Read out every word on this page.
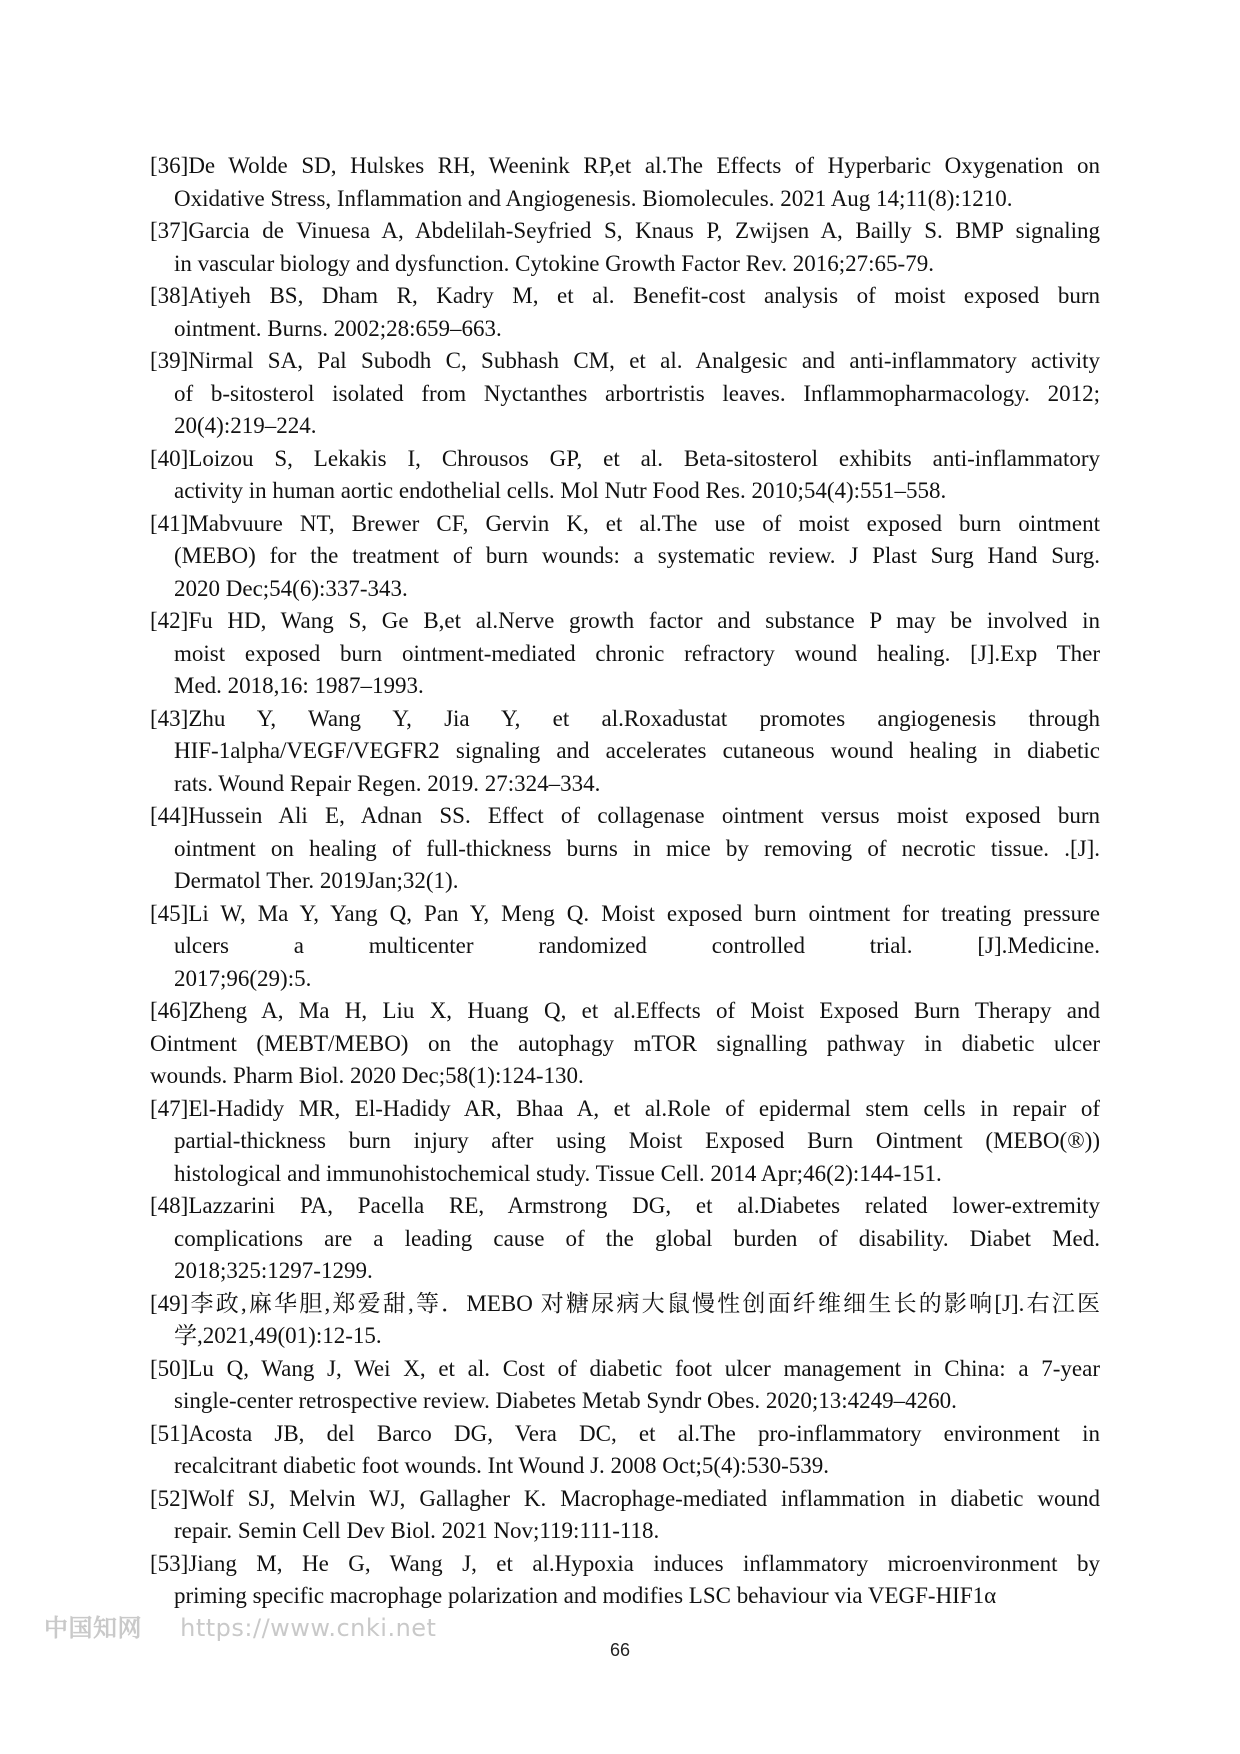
[36]De Wolde SD, Hulskes RH, Weenink RP,et al.The Effects of Hyperbaric Oxygenation on
Oxidative Stress, Inflammation and Angiogenesis. Biomolecules. 2021 Aug 14;11(8):1210.
[37]Garcia de Vinuesa A, Abdelilah-Seyfried S, Knaus P, Zwijsen A, Bailly S. BMP signaling
in vascular biology and dysfunction. Cytokine Growth Factor Rev. 2016;27:65-79.
[38]Atiyeh BS, Dham R, Kadry M, et al. Benefit-cost analysis of moist exposed burn
ointment. Burns. 2002;28:659–663.
[39]Nirmal SA, Pal Subodh C, Subhash CM, et al. Analgesic and anti-inflammatory activity
of b-sitosterol isolated from Nyctanthes arbortristis leaves. Inflammopharmacology. 2012;
20(4):219–224.
[40]Loizou S, Lekakis I, Chrousos GP, et al. Beta-sitosterol exhibits anti-inflammatory
activity in human aortic endothelial cells. Mol Nutr Food Res. 2010;54(4):551–558.
[41]Mabvuure NT, Brewer CF, Gervin K, et al.The use of moist exposed burn ointment
(MEBO) for the treatment of burn wounds: a systematic review. J Plast Surg Hand Surg.
2020 Dec;54(6):337-343.
[42]Fu HD, Wang S, Ge B,et al.Nerve growth factor and substance P may be involved in
moist exposed burn ointment-mediated chronic refractory wound healing. [J].Exp Ther
Med. 2018,16: 1987–1993.
[43]Zhu Y, Wang Y, Jia Y, et al.Roxadustat promotes angiogenesis through
HIF-1alpha/VEGF/VEGFR2 signaling and accelerates cutaneous wound healing in diabetic
rats. Wound Repair Regen. 2019. 27:324–334.
[44]Hussein Ali E, Adnan SS. Effect of collagenase ointment versus moist exposed burn
ointment on healing of full-thickness burns in mice by removing of necrotic tissue. .[J].
Dermatol Ther. 2019Jan;32(1).
[45]Li W, Ma Y, Yang Q, Pan Y, Meng Q. Moist exposed burn ointment for treating pressure
ulcers a multicenter randomized controlled trial. [J].Medicine.
2017;96(29):5.
[46]Zheng A, Ma H, Liu X, Huang Q, et al.Effects of Moist Exposed Burn Therapy and
Ointment (MEBT/MEBO) on the autophagy mTOR signalling pathway in diabetic ulcer
wounds. Pharm Biol. 2020 Dec;58(1):124-130.
[47]El-Hadidy MR, El-Hadidy AR, Bhaa A, et al.Role of epidermal stem cells in repair of
partial-thickness burn injury after using Moist Exposed Burn Ointment (MEBO(®))
histological and immunohistochemical study. Tissue Cell. 2014 Apr;46(2):144-151.
[48]Lazzarini PA, Pacella RE, Armstrong DG, et al.Diabetes related lower-extremity
complications are a leading cause of the global burden of disability. Diabet Med.
2018;325:1297-1299.
[49]李政,麻华胆,郑爱甜,等．MEBO 对糖尿病大鼠慢性创面纤维细生长的影响[J].右江医
学,2021,49(01):12-15.
[50]Lu Q, Wang J, Wei X, et al. Cost of diabetic foot ulcer management in China: a 7-year
single-center retrospective review. Diabetes Metab Syndr Obes. 2020;13:4249–4260.
[51]Acosta JB, del Barco DG, Vera DC, et al.The pro-inflammatory environment in
recalcitrant diabetic foot wounds. Int Wound J. 2008 Oct;5(4):530-539.
[52]Wolf SJ, Melvin WJ, Gallagher K. Macrophage-mediated inflammation in diabetic wound
repair. Semin Cell Dev Biol. 2021 Nov;119:111-118.
[53]Jiang M, He G, Wang J, et al.Hypoxia induces inflammatory microenvironment by
priming specific macrophage polarization and modifies LSC behaviour via VEGF-HIF1α
66
中国知网 https://www.cnki.net
